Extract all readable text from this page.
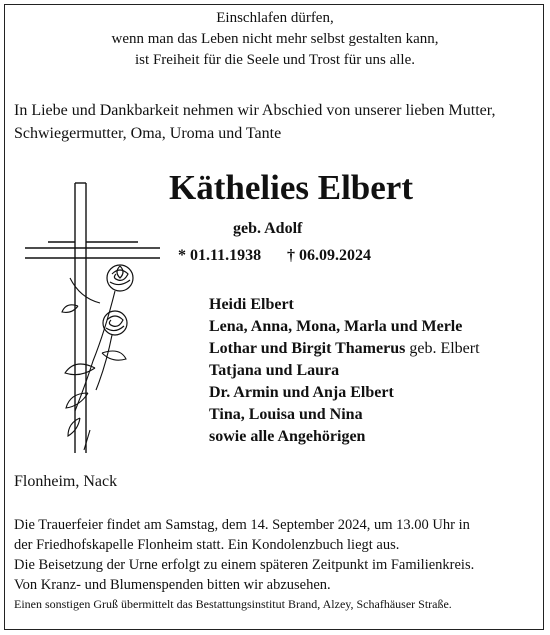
Einschlafen dürfen,
wenn man das Leben nicht mehr selbst gestalten kann,
ist Freiheit für die Seele und Trost für uns alle.
In Liebe und Dankbarkeit nehmen wir Abschied von unserer lieben Mutter, Schwiegermutter, Oma, Uroma und Tante
Käthelies Elbert
geb. Adolf
* 01.11.1938 † 06.09.2024
Heidi Elbert
Lena, Anna, Mona, Marla und Merle
Lothar und Birgit Thamerus geb. Elbert
Tatjana und Laura
Dr. Armin und Anja Elbert
Tina, Louisa und Nina
sowie alle Angehörigen
Flonheim, Nack
Die Trauerfeier findet am Samstag, dem 14. September 2024, um 13.00 Uhr in
der Friedhofskapelle Flonheim statt. Ein Kondolenzbuch liegt aus.
Die Beisetzung der Urne erfolgt zu einem späteren Zeitpunkt im Familienkreis.
Von Kranz- und Blumenspenden bitten wir abzusehen.
Einen sonstigen Gruß übermittelt das Bestattungsinstitut Brand, Alzey, Schafhäuser Straße.
